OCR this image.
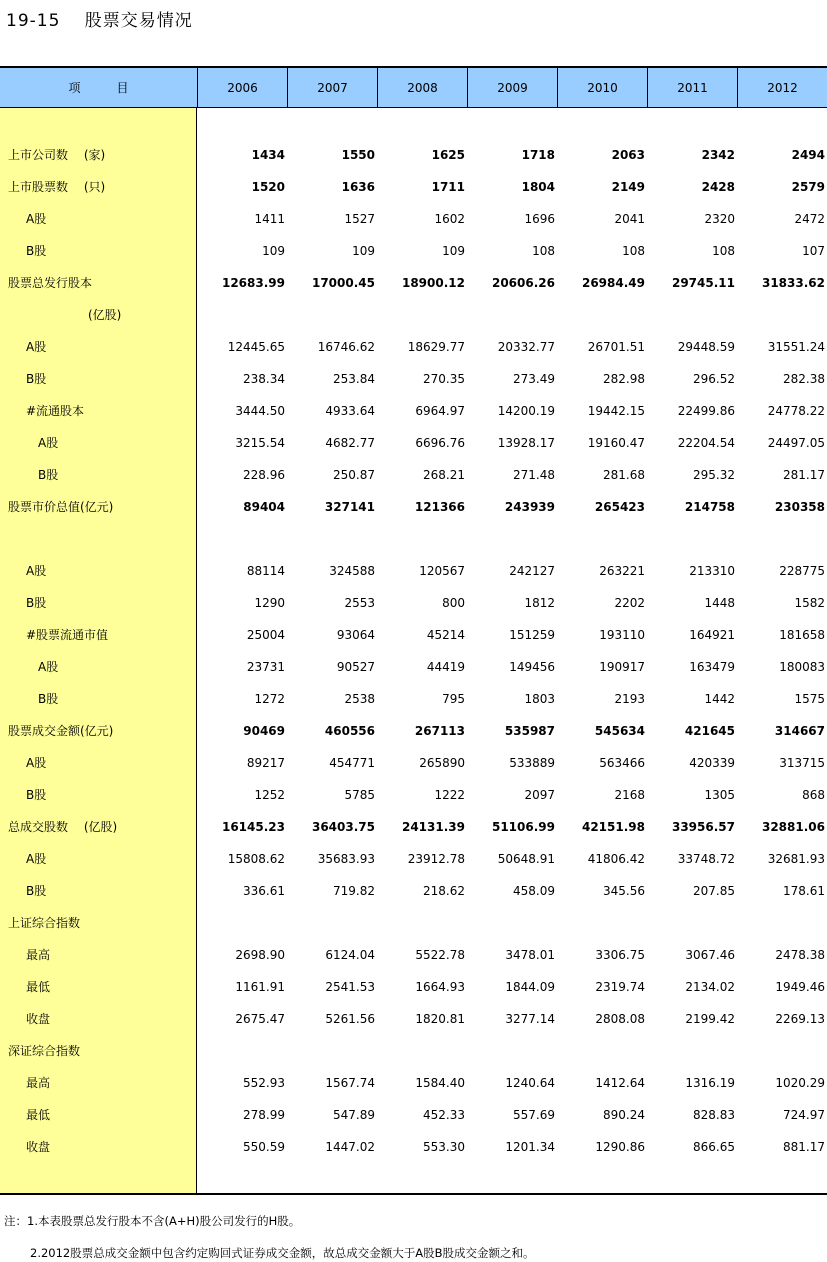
19-15　 股票交易情况
项　　　目	2006	2007	2008	2009	2010	2011	2012
上市公司数　 (家)	1434	1550	1625	1718	2063	2342	2494
上市股票数　 (只)	1520	1636	1711	1804	2149	2428	2579
A股	1411	1527	1602	1696	2041	2320	2472
B股	109	109	109	108	108	108	107
股票总发行股本	12683.99	17000.45	18900.12	20606.26	26984.49	29745.11	31833.62
(亿股)
A股	12445.65	16746.62	18629.77	20332.77	26701.51	29448.59	31551.24
B股	238.34	253.84	270.35	273.49	282.98	296.52	282.38
#流通股本	3444.50	4933.64	6964.97	14200.19	19442.15	22499.86	24778.22
A股	3215.54	4682.77	6696.76	13928.17	19160.47	22204.54	24497.05
B股	228.96	250.87	268.21	271.48	281.68	295.32	281.17
股票市价总值(亿元)	89404	327141	121366	243939	265423	214758	230358
A股	88114	324588	120567	242127	263221	213310	228775
B股	1290	2553	800	1812	2202	1448	1582
#股票流通市值	25004	93064	45214	151259	193110	164921	181658
A股	23731	90527	44419	149456	190917	163479	180083
B股	1272	2538	795	1803	2193	1442	1575
股票成交金额(亿元)	90469	460556	267113	535987	545634	421645	314667
A股	89217	454771	265890	533889	563466	420339	313715
B股	1252	5785	1222	2097	2168	1305	868
总成交股数　 (亿股)	16145.23	36403.75	24131.39	51106.99	42151.98	33956.57	32881.06
A股	15808.62	35683.93	23912.78	50648.91	41806.42	33748.72	32681.93
B股	336.61	719.82	218.62	458.09	345.56	207.85	178.61
上证综合指数
最高	2698.90	6124.04	5522.78	3478.01	3306.75	3067.46	2478.38
最低	1161.91	2541.53	1664.93	1844.09	2319.74	2134.02	1949.46
收盘	2675.47	5261.56	1820.81	3277.14	2808.08	2199.42	2269.13
深证综合指数
最高	552.93	1567.74	1584.40	1240.64	1412.64	1316.19	1020.29
最低	278.99	547.89	452.33	557.69	890.24	828.83	724.97
收盘	550.59	1447.02	553.30	1201.34	1290.86	866.65	881.17
注：1.本表股票总发行股本不含(A+H)股公司发行的H股。
2.2012股票总成交金额中包含约定购回式证券成交金额，故总成交金额大于A股B股成交金额之和。
